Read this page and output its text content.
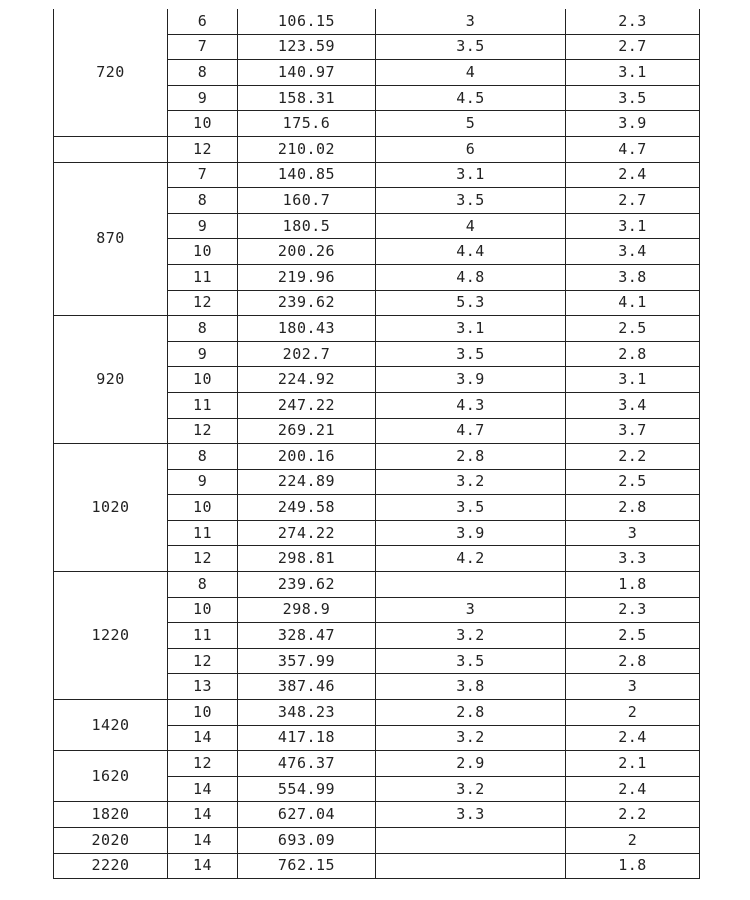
720	6	106.15	3	2.3
	7	123.59	3.5	2.7
	8	140.97	4	3.1
	9	158.31	4.5	3.5
	10	175.6	5	3.9
	12	210.02	6	4.7
870	7	140.85	3.1	2.4
	8	160.7	3.5	2.7
	9	180.5	4	3.1
	10	200.26	4.4	3.4
	11	219.96	4.8	3.8
	12	239.62	5.3	4.1
920	8	180.43	3.1	2.5
	9	202.7	3.5	2.8
	10	224.92	3.9	3.1
	11	247.22	4.3	3.4
	12	269.21	4.7	3.7
1020	8	200.16	2.8	2.2
	9	224.89	3.2	2.5
	10	249.58	3.5	2.8
	11	274.22	3.9	3
	12	298.81	4.2	3.3
1220	8	239.62		1.8
	10	298.9	3	2.3
	11	328.47	3.2	2.5
	12	357.99	3.5	2.8
	13	387.46	3.8	3
1420	10	348.23	2.8	2
	14	417.18	3.2	2.4
1620	12	476.37	2.9	2.1
	14	554.99	3.2	2.4
1820	14	627.04	3.3	2.2
2020	14	693.09		2
2220	14	762.15		1.8
